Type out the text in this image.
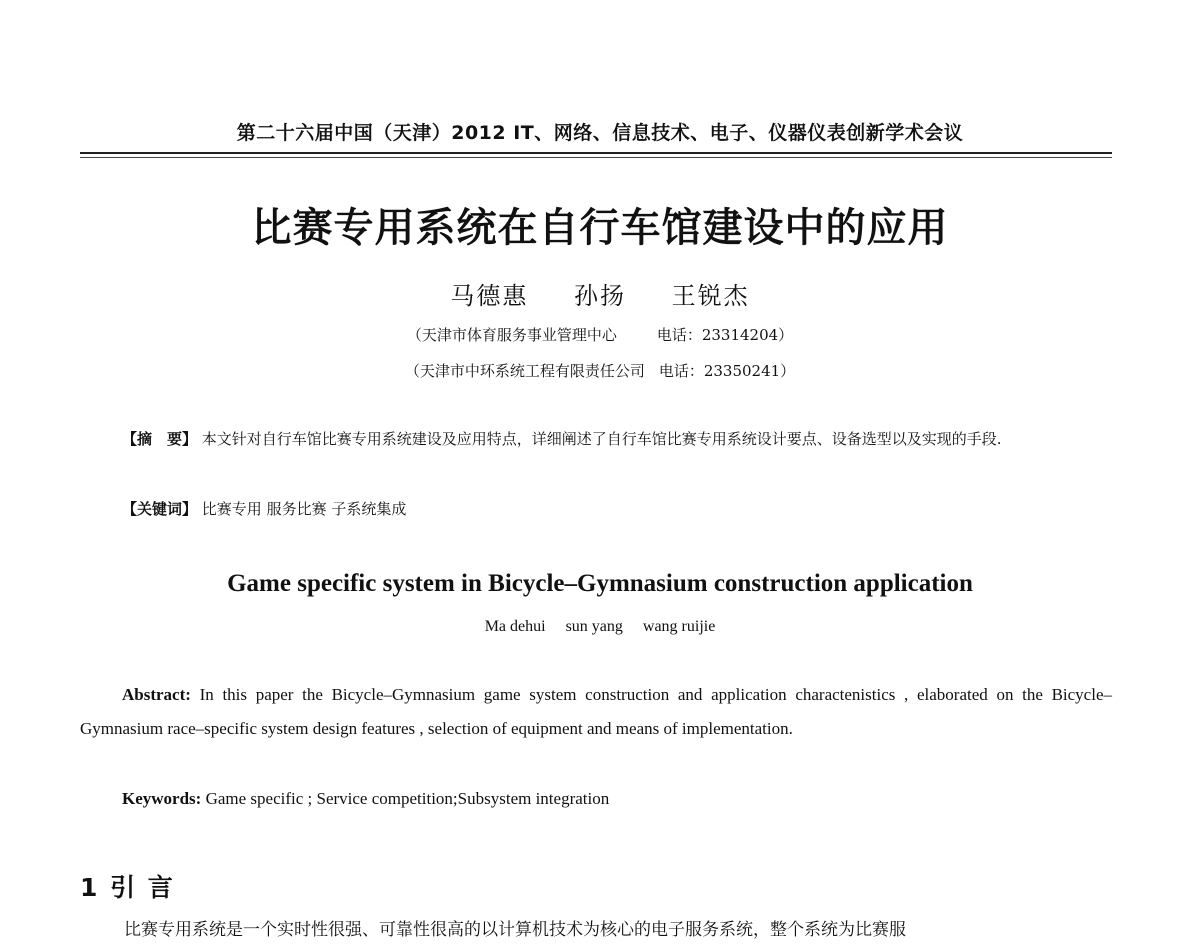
第二十六届中国（天津）2012 IT、网络、信息技术、电子、仪器仪表创新学术会议
比赛专用系统在自行车馆建设中的应用
马德惠 孙扬 王锐杰
（天津市体育服务事业管理中心	电话：23314204）
（天津市中环系统工程有限责任公司 电话：23350241）
【摘　要】 本文针对自行车馆比赛专用系统建设及应用特点，详细阐述了自行车馆比赛专用系统设计要点、设备选型以及实现的手段.
【关键词】 比赛专用 服务比赛 子系统集成
Game specific system in Bicycle–Gymnasium construction application
Ma dehui sun yang wang ruijie
Abstract: In this paper the Bicycle–Gymnasium game system construction and application charactenistics , elaborated on the Bicycle–Gymnasium race–specific system design features , selection of equipment and means of implementation.
Keywords: Game specific ; Service competition;Subsystem integration
1 引 言
比赛专用系统是一个实时性很强、可靠性很高的以计算机技术为核心的电子服务系统，整个系统为比赛服
